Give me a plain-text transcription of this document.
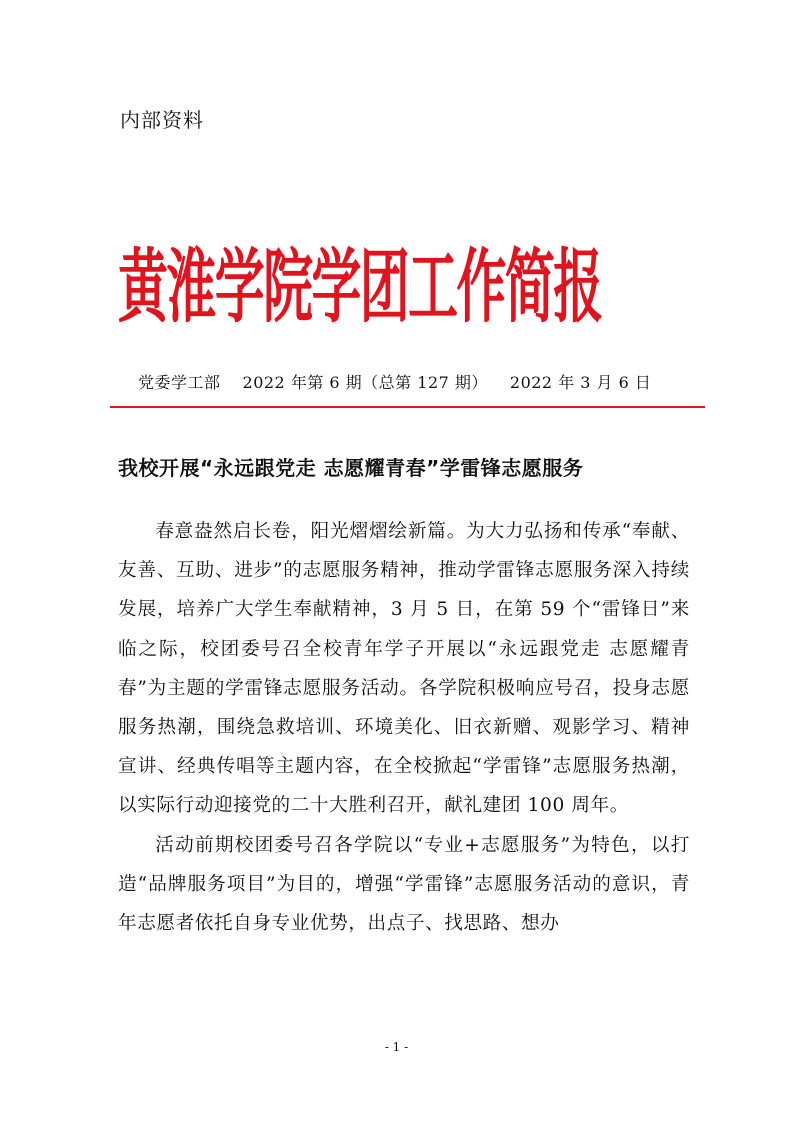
内部资料
黄淮学院学团工作简报
党委学工部 2022 年第 6 期（总第 127 期） 2022 年 3 月 6 日
我校开展“永远跟党走 志愿耀青春”学雷锋志愿服务

春意盎然启长卷，阳光熠熠绘新篇。为大力弘扬和传承“奉献、友善、互助、进步”的志愿服务精神，推动学雷锋志愿服务深入持续发展，培养广大学生奉献精神，3 月 5 日，在第 59 个“雷锋日”来临之际，校团委号召全校青年学子开展以“永远跟党走 志愿耀青春”为主题的学雷锋志愿服务活动。各学院积极响应号召，投身志愿服务热潮，围绕急救培训、环境美化、旧衣新赠、观影学习、精神宣讲、经典传唱等主题内容，在全校掀起“学雷锋”志愿服务热潮，以实际行动迎接党的二十大胜利召开，献礼建团 100 周年。

活动前期校团委号召各学院以“专业+志愿服务”为特色，以打造“品牌服务项目”为目的，增强“学雷锋”志愿服务活动的意识，青年志愿者依托自身专业优势，出点子、找思路、想办

- 1 -
